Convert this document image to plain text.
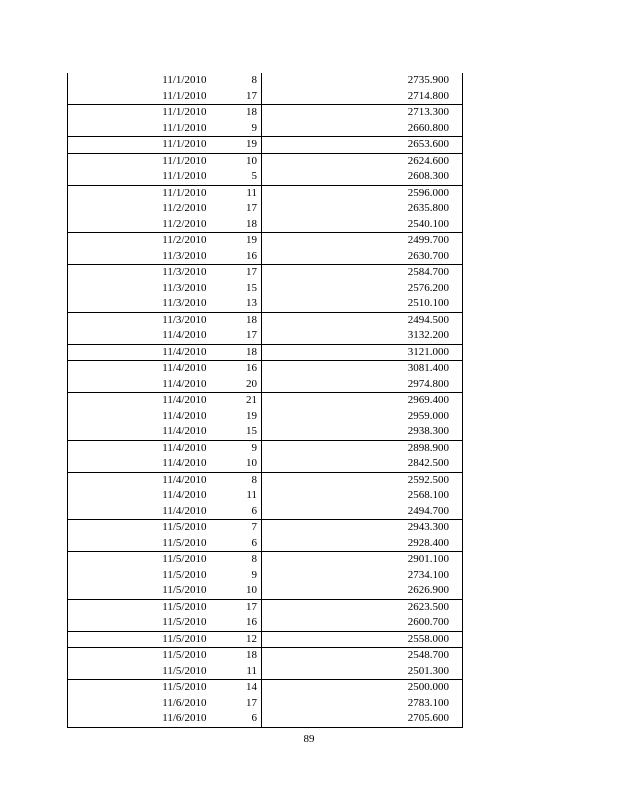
11/1/2010	8	2735.900
11/1/2010	17	2714.800
11/1/2010	18	2713.300
11/1/2010	9	2660.800
11/1/2010	19	2653.600
11/1/2010	10	2624.600
11/1/2010	5	2608.300
11/1/2010	11	2596.000
11/2/2010	17	2635.800
11/2/2010	18	2540.100
11/2/2010	19	2499.700
11/3/2010	16	2630.700
11/3/2010	17	2584.700
11/3/2010	15	2576.200
11/3/2010	13	2510.100
11/3/2010	18	2494.500
11/4/2010	17	3132.200
11/4/2010	18	3121.000
11/4/2010	16	3081.400
11/4/2010	20	2974.800
11/4/2010	21	2969.400
11/4/2010	19	2959.000
11/4/2010	15	2938.300
11/4/2010	9	2898.900
11/4/2010	10	2842.500
11/4/2010	8	2592.500
11/4/2010	11	2568.100
11/4/2010	6	2494.700
11/5/2010	7	2943.300
11/5/2010	6	2928.400
11/5/2010	8	2901.100
11/5/2010	9	2734.100
11/5/2010	10	2626.900
11/5/2010	17	2623.500
11/5/2010	16	2600.700
11/5/2010	12	2558.000
11/5/2010	18	2548.700
11/5/2010	11	2501.300
11/5/2010	14	2500.000
11/6/2010	17	2783.100
11/6/2010	6	2705.600
89
